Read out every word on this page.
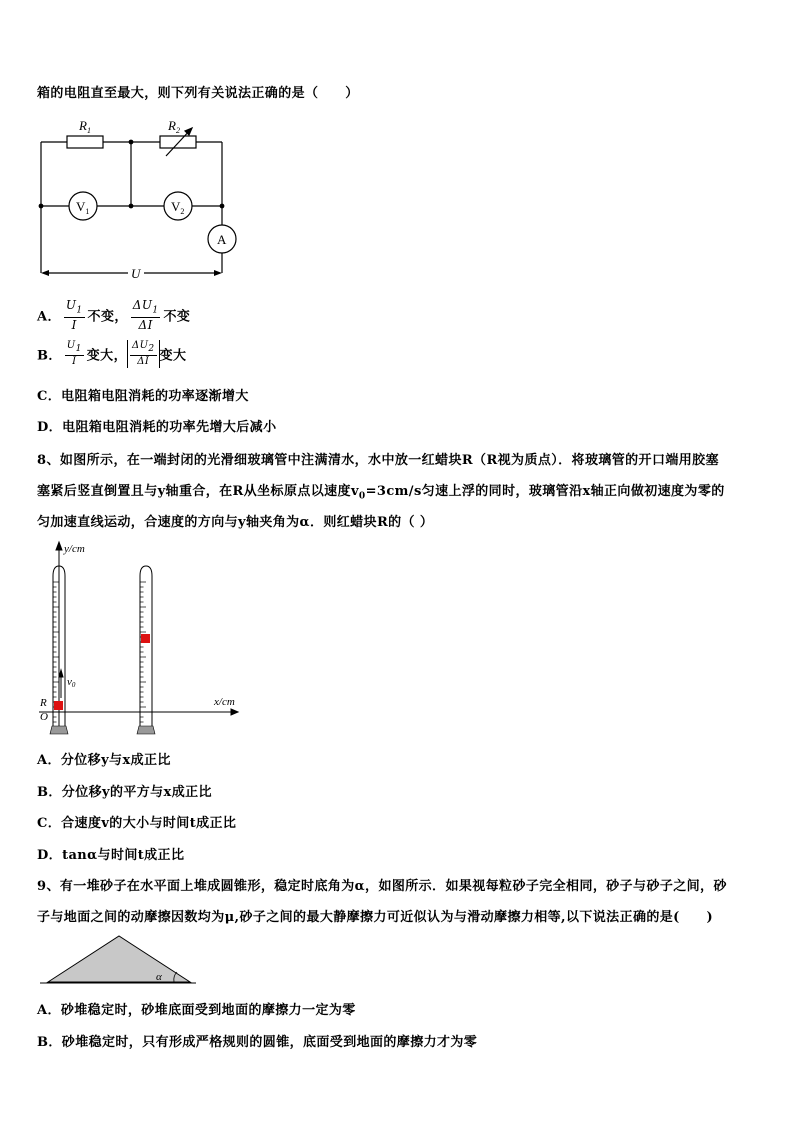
箱的电阻直至最大，则下列有关说法正确的是（　　）
$R_1$	$R_2$
$V_1$	$V_2$
A
U
A． $\frac{U_1}{I}$ 不变， $\frac{\Delta U_1}{\Delta I}$ 不变
B． $\frac{U_1}{I}$ 变大， $\frac{\Delta U_2}{\Delta I}$ 变大
C．电阻箱电阻消耗的功率逐渐增大
D．电阻箱电阻消耗的功率先增大后减小
8、如图所示，在一端封闭的光滑细玻璃管中注满清水，水中放一红蜡块R（R视为质点）．将玻璃管的开口端用胶塞
塞紧后竖直倒置且与y轴重合，在R从坐标原点以速度$v_0=3cm/s$匀速上浮的同时，玻璃管沿x轴正向做初速度为零的
匀加速直线运动，合速度的方向与y轴夹角为α．则红蜡块R的（ ）
y/cm
x/cm
R
O
v0
A．分位移y与x成正比
B．分位移y的平方与x成正比
C．合速度v的大小与时间t成正比
D．tanα与时间t成正比
9、有一堆砂子在水平面上堆成圆锥形，稳定时底角为α，如图所示．如果视每粒砂子完全相同，砂子与砂子之间，砂
子与地面之间的动摩擦因数均为μ,砂子之间的最大静摩擦力可近似认为与滑动摩擦力相等,以下说法正确的是(　　)
α
A．砂堆稳定时，砂堆底面受到地面的摩擦力一定为零
B．砂堆稳定时，只有形成严格规则的圆锥，底面受到地面的摩擦力才为零
